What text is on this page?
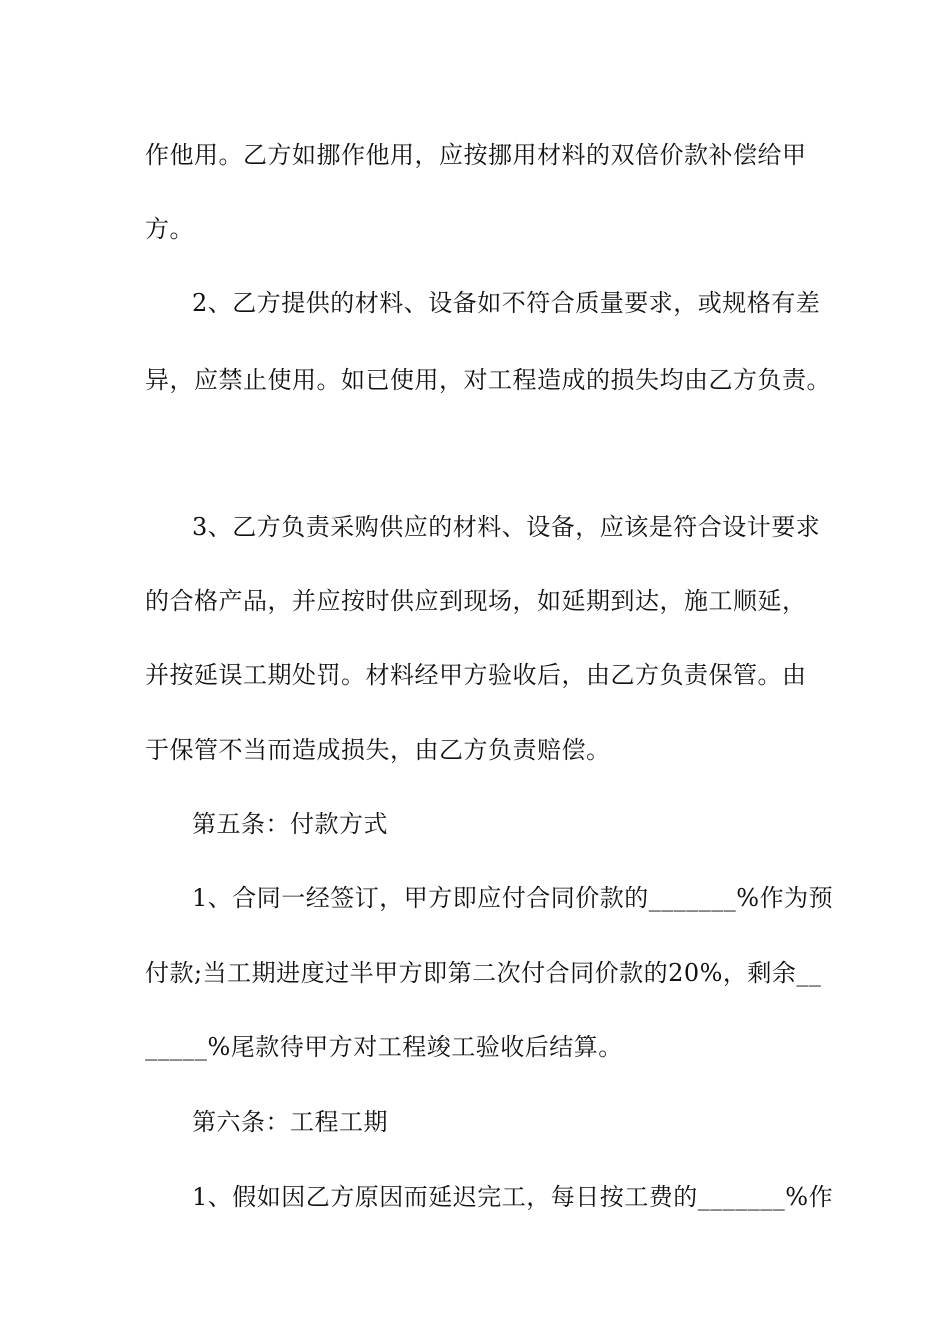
作他用。乙方如挪作他用，应按挪用材料的双倍价款补偿给甲
方。
2、乙方提供的材料、设备如不符合质量要求，或规格有差
异，应禁止使用。如已使用，对工程造成的损失均由乙方负责。
3、乙方负责采购供应的材料、设备，应该是符合设计要求
的合格产品，并应按时供应到现场，如延期到达，施工顺延，
并按延误工期处罚。材料经甲方验收后，由乙方负责保管。由
于保管不当而造成损失，由乙方负责赔偿。
第五条：付款方式
1、合同一经签订，甲方即应付合同价款的_______%作为预
付款;当工期进度过半甲方即第二次付合同价款的20%，剩余__
_____%尾款待甲方对工程竣工验收后结算。
第六条：工程工期
1、假如因乙方原因而延迟完工，每日按工费的_______%作
